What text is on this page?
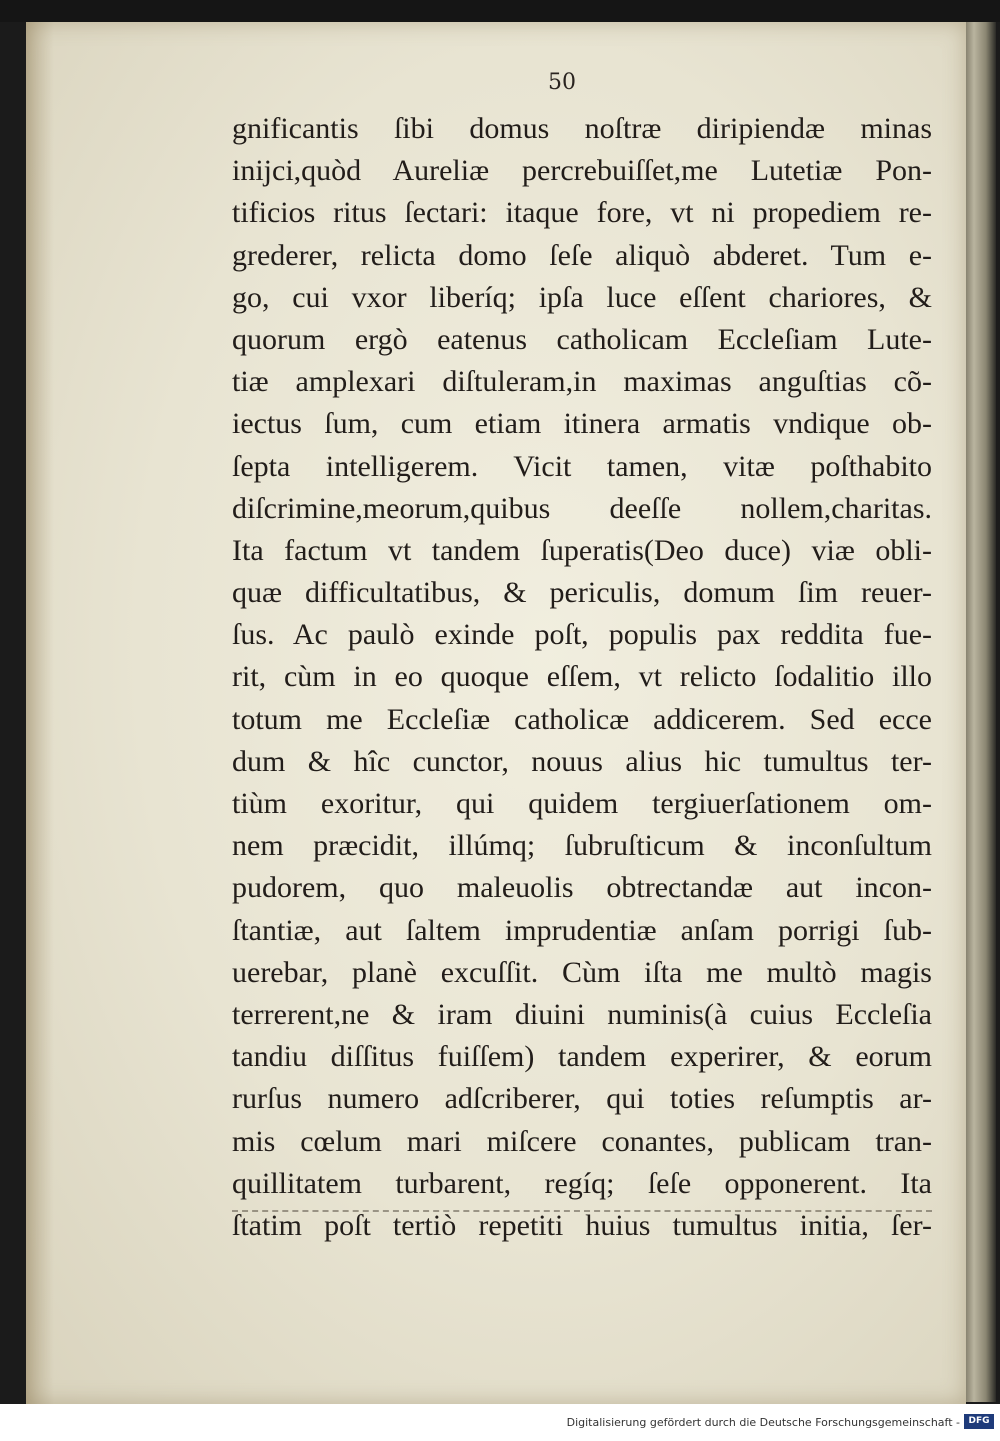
50
gnificantis ſibi domus noſtræ diripiendæ minas
inijci,quòd Aureliæ percrebuiſſet,me Lutetiæ Pon-
tificios ritus ſectari: itaque fore, vt ni propediem re-
grederer, relicta domo ſeſe aliquò abderet. Tum e-
go, cui vxor liberíq; ipſa luce eſſent chariores, &
quorum ergò eatenus catholicam Eccleſiam Lute-
tiæ amplexari diſtuleram,in maximas anguſtias cõ-
iectus ſum, cum etiam itinera armatis vndique ob-
ſepta intelligerem. Vicit tamen, vitæ poſthabito
diſcrimine,meorum,quibus deeſſe nollem,charitas.
Ita factum vt tandem ſuperatis(Deo duce) viæ obli-
quæ difficultatibus, & periculis, domum ſim reuer-
ſus. Ac paulò exinde poſt, populis pax reddita fue-
rit, cùm in eo quoque eſſem, vt relicto ſodalitio illo
totum me Eccleſiæ catholicæ addicerem. Sed ecce
dum & hîc cunctor, nouus alius hic tumultus ter-
tiùm exoritur, qui quidem tergiuerſationem om-
nem præcidit, illúmq; ſubruſticum & inconſultum
pudorem, quo maleuolis obtrectandæ aut incon-
ſtantiæ, aut ſaltem imprudentiæ anſam porrigi ſub-
uerebar, planè excuſſit. Cùm iſta me multò magis
terrerent,ne & iram diuini numinis(à cuius Eccleſia
tandiu diſſitus fuiſſem) tandem experirer, & eorum
rurſus numero adſcriberer, qui toties reſumptis ar-
mis cœlum mari miſcere conantes, publicam tran-
quillitatem turbarent, regíq; ſeſe opponerent. Ita
ſtatim poſt tertiò repetiti huius tumultus initia, ſer-
Digitalisierung gefördert durch die Deutsche Forschungsgemeinschaft - DFG
